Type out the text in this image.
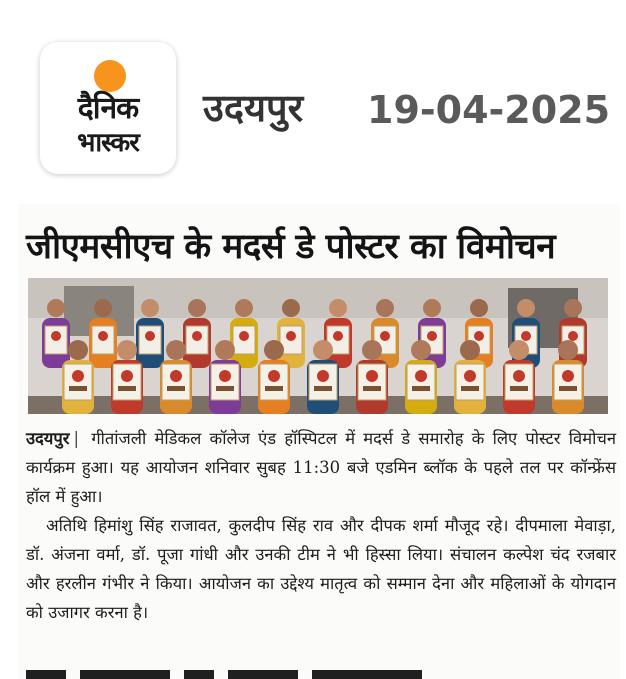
दैनिक
भास्कर
उदयपुर 19-04-2025
जीएमसीएच के मदर्स डे पोस्टर का विमोचन

उदयपुर | गीतांजली मेडिकल कॉलेज एंड हॉस्पिटल में मदर्स डे समारोह के लिए पोस्टर विमोचन कार्यक्रम हुआ। यह आयोजन शनिवार सुबह 11:30 बजे एडमिन ब्लॉक के पहले तल पर कॉन्फ्रेंस हॉल में हुआ।

अतिथि हिमांशु सिंह राजावत, कुलदीप सिंह राव और दीपक शर्मा मौजूद रहे। दीपमाला मेवाड़ा, डॉ. अंजना वर्मा, डॉ. पूजा गांधी और उनकी टीम ने भी हिस्सा लिया। संचालन कल्पेश चंद रजबार और हरलीन गंभीर ने किया। आयोजन का उद्देश्य मातृत्व को सम्मान देना और महिलाओं के योगदान को उजागर करना है।
